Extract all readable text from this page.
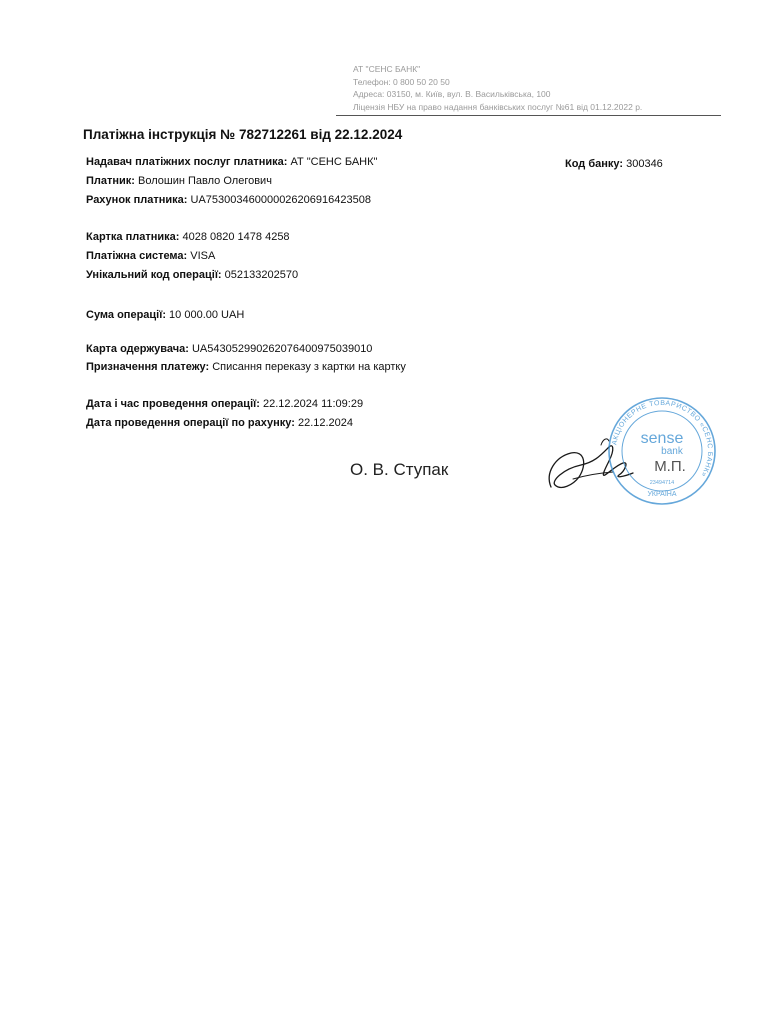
АТ "СЕНС БАНК"
Телефон: 0 800 50 20 50
Адреса: 03150, м. Київ, вул. В. Васильківська, 100
Ліцензія НБУ на право надання банківських послуг №61 від 01.12.2022 р.
Платіжна інструкція № 782712261 від 22.12.2024
Надавач платіжних послуг платника: АТ "СЕНС БАНК"
Платник: Волошин Павло Олегович
Рахунок платника: UA753003460000026206916423508
Код банку: 300346
Картка платника: 4028 0820 1478 4258
Платіжна система: VISA
Унікальний код операції: 052133202570
Сума операції: 10 000.00 UAH
Карта одержувача: UA543052990262076400975039010
Призначення платежу: Списання переказу з картки на картку
Дата і час проведення операції: 22.12.2024 11:09:29
Дата проведення операції по рахунку: 22.12.2024
О. В. Ступак
АКЦІОНЕРНЕ ТОВАРИСТВО «СЕНС БАНК»
sense
bank
М.П.
23494714
УКРАЇНА
